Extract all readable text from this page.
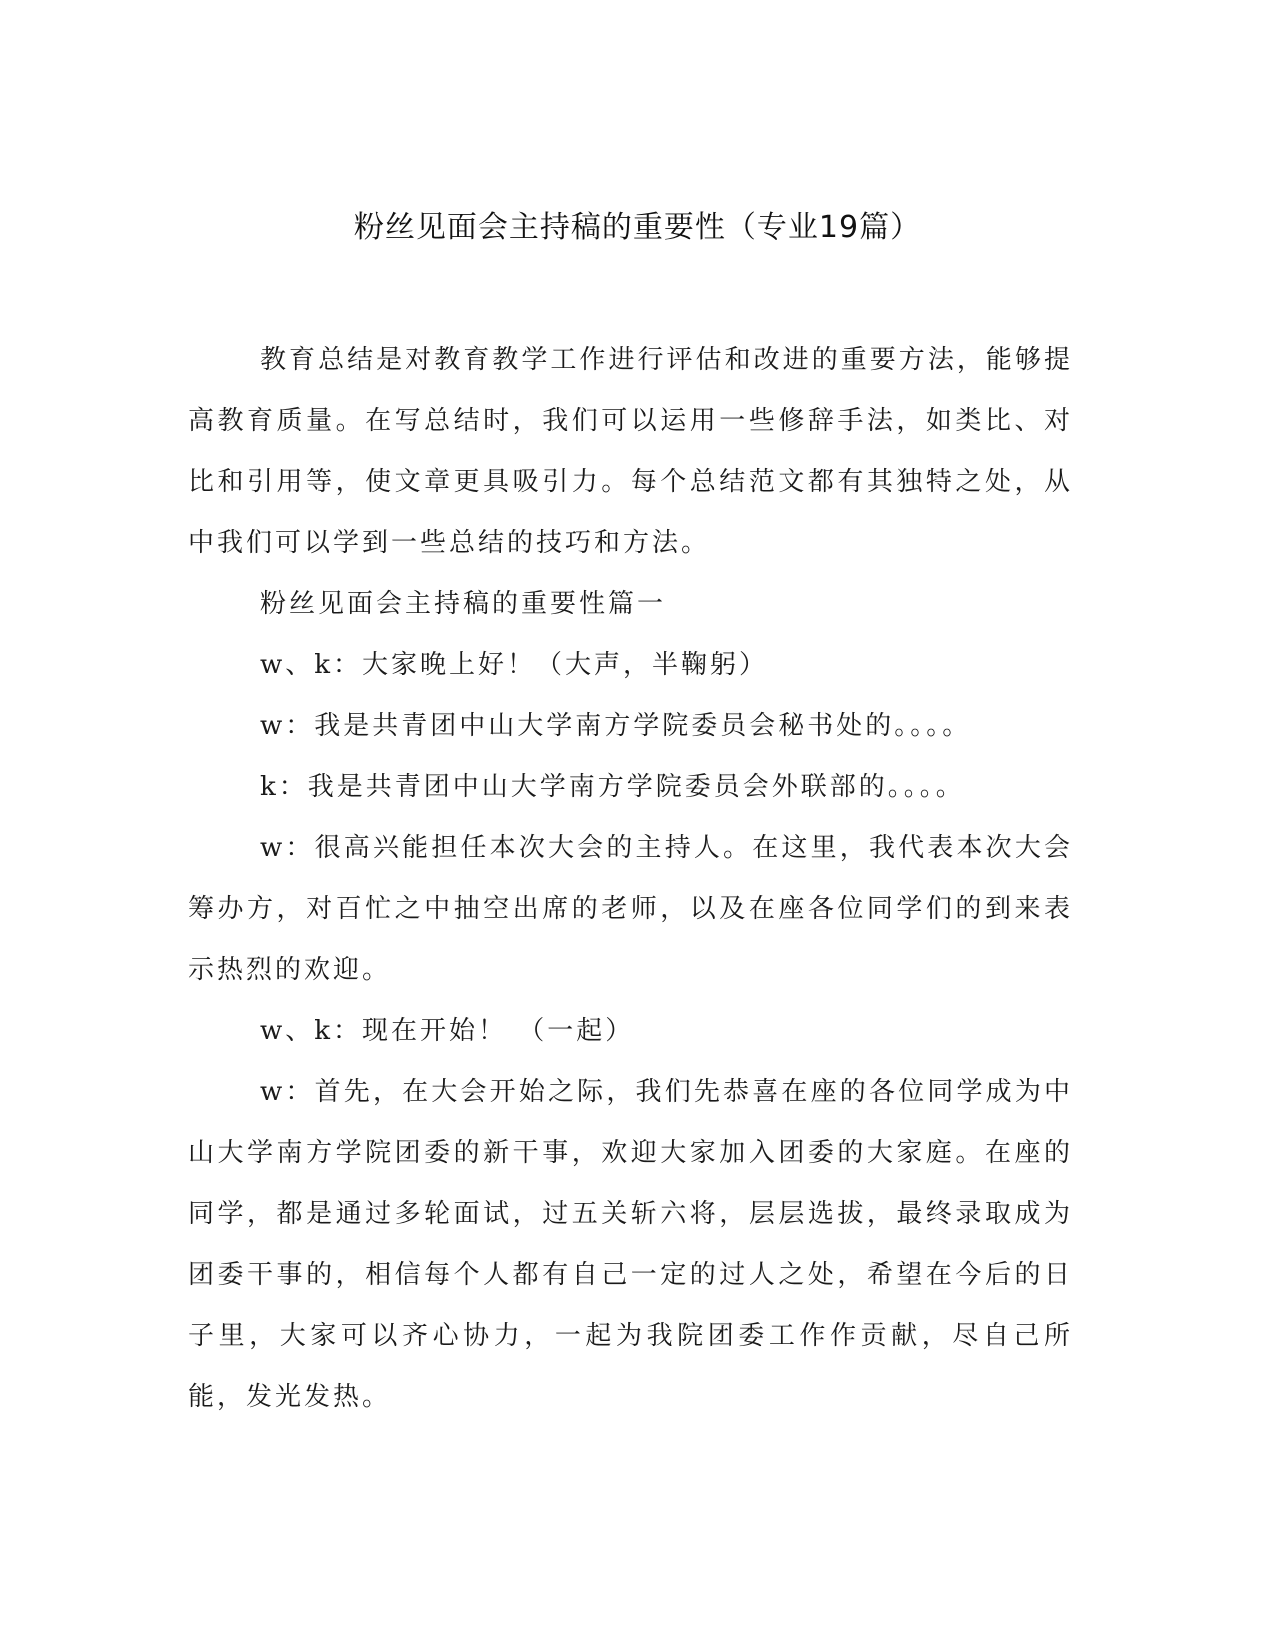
粉丝见面会主持稿的重要性（专业19篇）

教育总结是对教育教学工作进行评估和改进的重要方法，能够提高教育质量。在写总结时，我们可以运用一些修辞手法，如类比、对比和引用等，使文章更具吸引力。每个总结范文都有其独特之处，从中我们可以学到一些总结的技巧和方法。

粉丝见面会主持稿的重要性篇一

w、k：大家晚上好！（大声，半鞠躬）

w：我是共青团中山大学南方学院委员会秘书处的。。。。

k：我是共青团中山大学南方学院委员会外联部的。。。。

w：很高兴能担任本次大会的主持人。在这里，我代表本次大会筹办方，对百忙之中抽空出席的老师，以及在座各位同学们的到来表示热烈的欢迎。

w、k：现在开始！ （一起）

w：首先，在大会开始之际，我们先恭喜在座的各位同学成为中山大学南方学院团委的新干事，欢迎大家加入团委的大家庭。在座的同学，都是通过多轮面试，过五关斩六将，层层选拔，最终录取成为团委干事的，相信每个人都有自己一定的过人之处，希望在今后的日子里，大家可以齐心协力，一起为我院团委工作作贡献，尽自己所能，发光发热。
